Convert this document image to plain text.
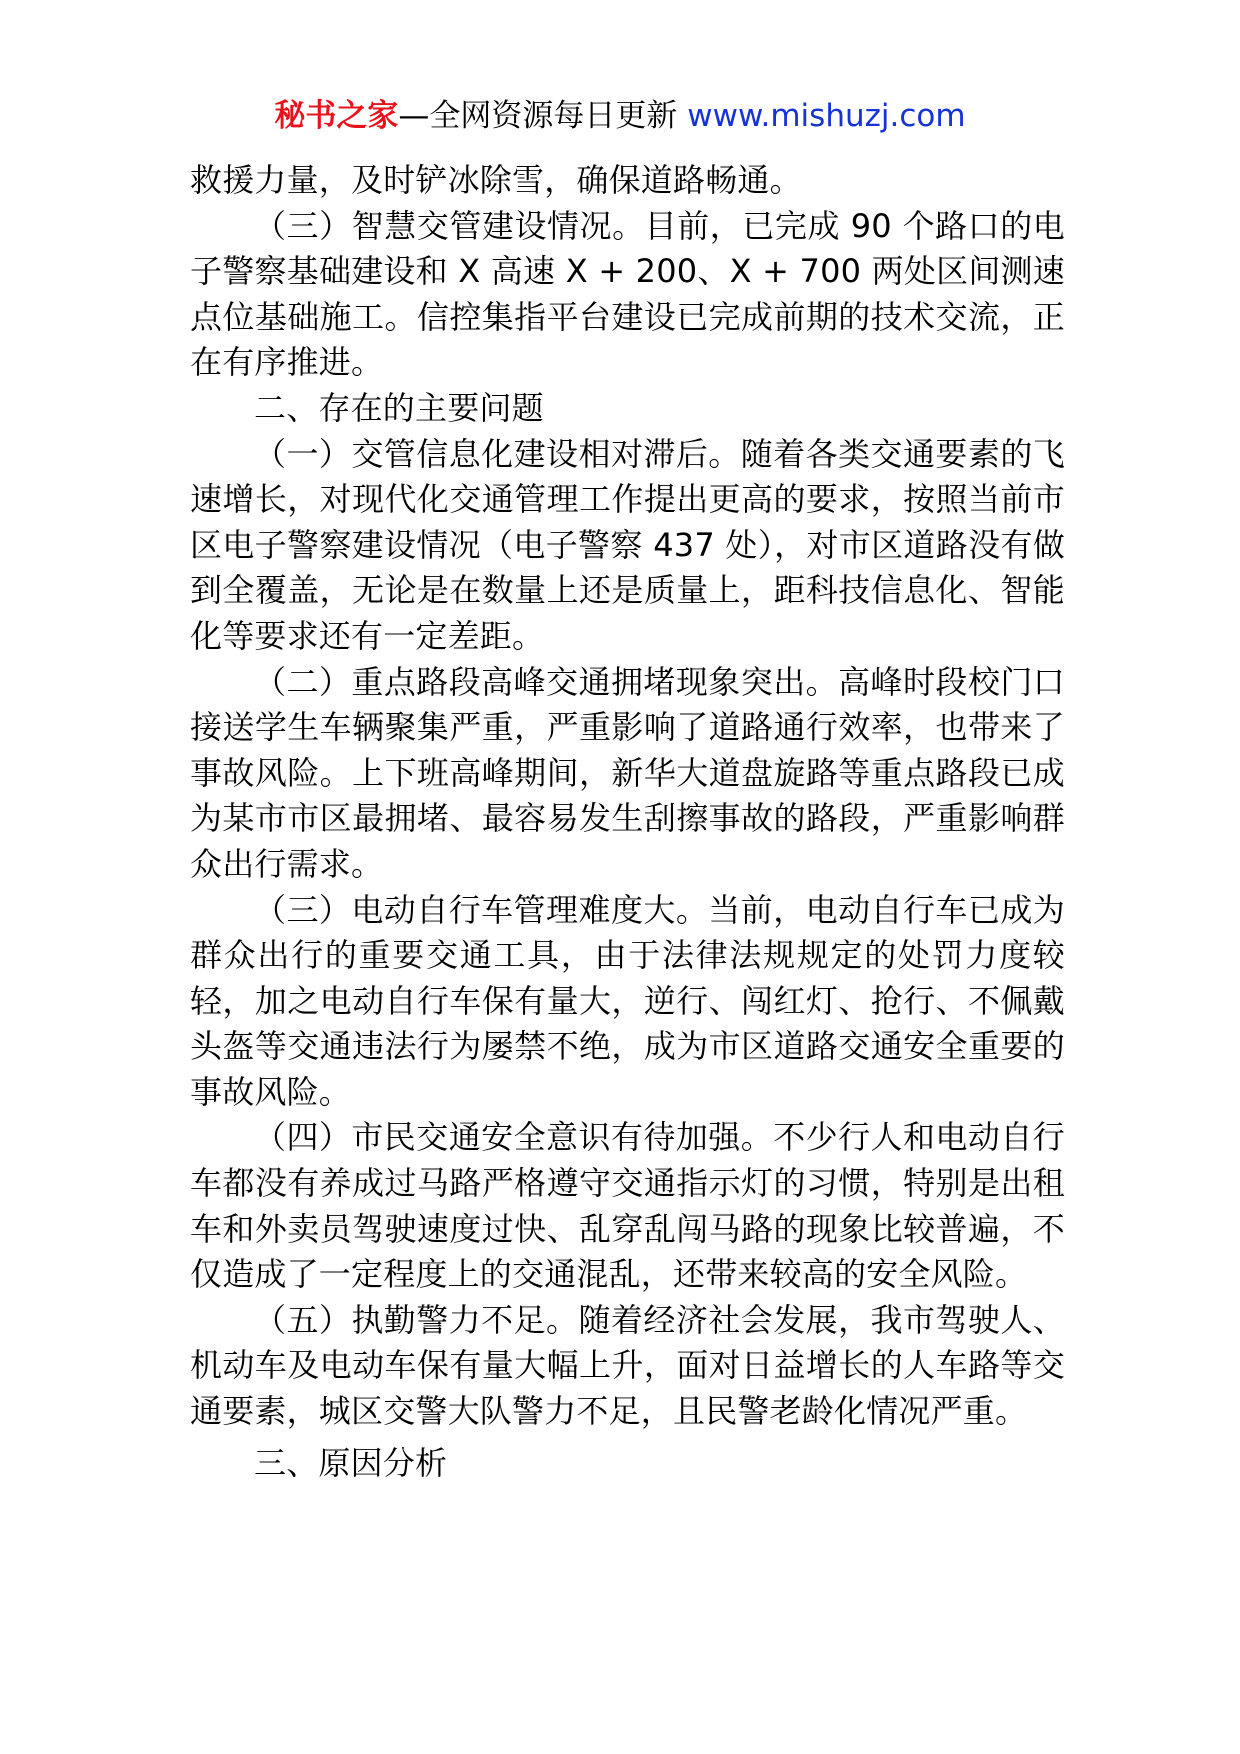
秘书之家—全网资源每日更新 www.mishuzj.com

救援力量，及时铲冰除雪，确保道路畅通。

（三）智慧交管建设情况。目前，已完成 90 个路口的电子警察基础建设和 X 高速 X + 200、X + 700 两处区间测速点位基础施工。信控集指平台建设已完成前期的技术交流，正在有序推进。

二、存在的主要问题

（一）交管信息化建设相对滞后。随着各类交通要素的飞速增长，对现代化交通管理工作提出更高的要求，按照当前市区电子警察建设情况（电子警察 437 处），对市区道路没有做到全覆盖，无论是在数量上还是质量上，距科技信息化、智能化等要求还有一定差距。

（二）重点路段高峰交通拥堵现象突出。高峰时段校门口接送学生车辆聚集严重，严重影响了道路通行效率，也带来了事故风险。上下班高峰期间，新华大道盘旋路等重点路段已成为某市市区最拥堵、最容易发生刮擦事故的路段，严重影响群众出行需求。

（三）电动自行车管理难度大。当前，电动自行车已成为群众出行的重要交通工具，由于法律法规规定的处罚力度较轻，加之电动自行车保有量大，逆行、闯红灯、抢行、不佩戴头盔等交通违法行为屡禁不绝，成为市区道路交通安全重要的事故风险。

（四）市民交通安全意识有待加强。不少行人和电动自行车都没有养成过马路严格遵守交通指示灯的习惯，特别是出租车和外卖员驾驶速度过快、乱穿乱闯马路的现象比较普遍，不仅造成了一定程度上的交通混乱，还带来较高的安全风险。

（五）执勤警力不足。随着经济社会发展，我市驾驶人、机动车及电动车保有量大幅上升，面对日益增长的人车路等交通要素，城区交警大队警力不足，且民警老龄化情况严重。

三、原因分析
